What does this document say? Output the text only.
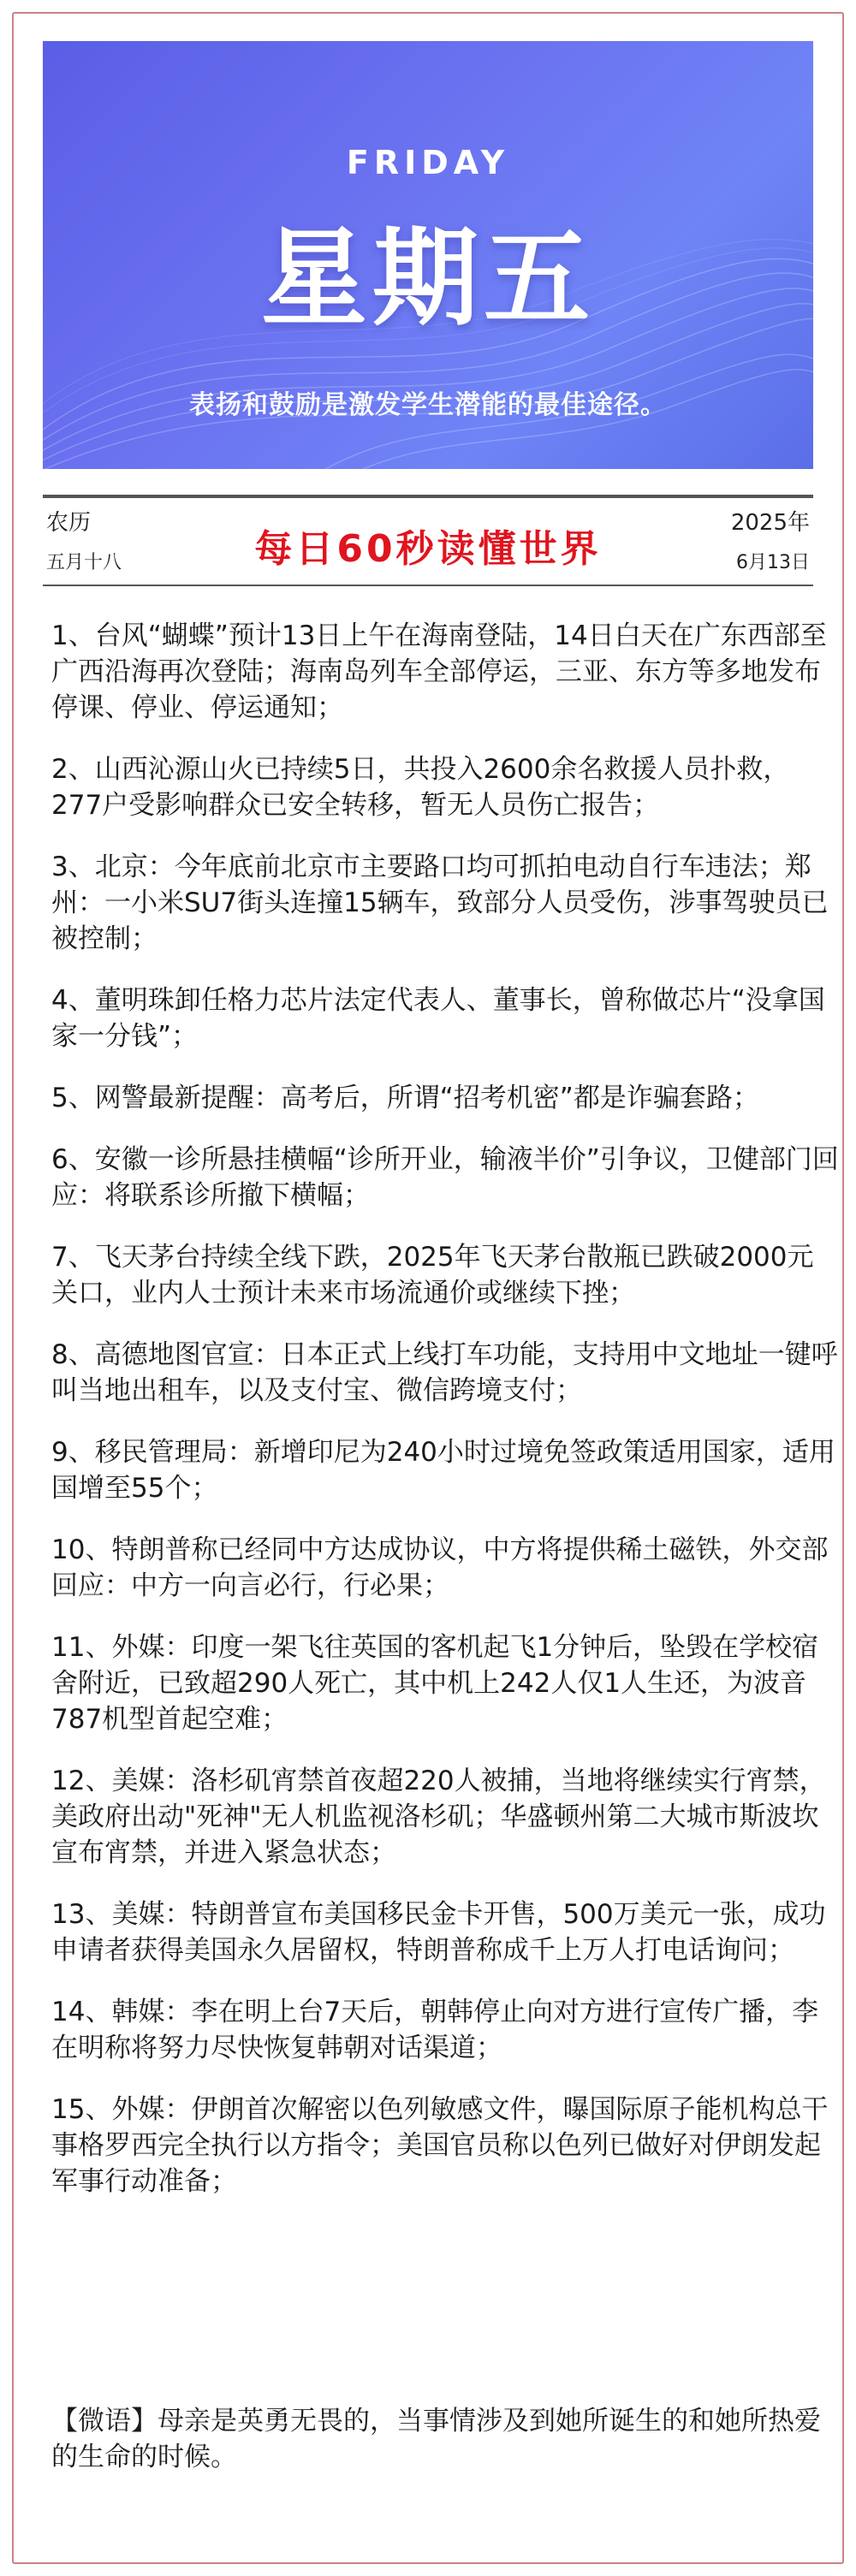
FRIDAY
星期五
表扬和鼓励是激发学生潜能的最佳途径。
农历
五月十八	每日60秒读懂世界
2025年
6月13日

1、台风“蝴蝶”预计13日上午在海南登陆，14日白天在广东西部至广西沿海再次登陆；海南岛列车全部停运，三亚、东方等多地发布停课、停业、停运通知；

2、山西沁源山火已持续5日，共投入2600余名救援人员扑救，277户受影响群众已安全转移，暂无人员伤亡报告；

3、北京：今年底前北京市主要路口均可抓拍电动自行车违法；郑州：一小米SU7街头连撞15辆车，致部分人员受伤，涉事驾驶员已被控制；

4、董明珠卸任格力芯片法定代表人、董事长，曾称做芯片“没拿国家一分钱”；

5、网警最新提醒：高考后，所谓“招考机密”都是诈骗套路；

6、安徽一诊所悬挂横幅“诊所开业，输液半价”引争议，卫健部门回应：将联系诊所撤下横幅；

7、飞天茅台持续全线下跌，2025年飞天茅台散瓶已跌破2000元关口，业内人士预计未来市场流通价或继续下挫；

8、高德地图官宣：日本正式上线打车功能，支持用中文地址一键呼叫当地出租车，以及支付宝、微信跨境支付；

9、移民管理局：新增印尼为240小时过境免签政策适用国家，适用国增至55个；

10、特朗普称已经同中方达成协议，中方将提供稀土磁铁，外交部回应：中方一向言必行，行必果；

11、外媒：印度一架飞往英国的客机起飞1分钟后，坠毁在学校宿舍附近，已致超290人死亡，其中机上242人仅1人生还，为波音787机型首起空难；

12、美媒：洛杉矶宵禁首夜超220人被捕，当地将继续实行宵禁，美政府出动"死神"无人机监视洛杉矶；华盛顿州第二大城市斯波坎宣布宵禁，并进入紧急状态；

13、美媒：特朗普宣布美国移民金卡开售，500万美元一张，成功申请者获得美国永久居留权，特朗普称成千上万人打电话询问；

14、韩媒：李在明上台7天后，朝韩停止向对方进行宣传广播，李在明称将努力尽快恢复韩朝对话渠道；

15、外媒：伊朗首次解密以色列敏感文件，曝国际原子能机构总干事格罗西完全执行以方指令；美国官员称以色列已做好对伊朗发起军事行动准备；

【微语】母亲是英勇无畏的，当事情涉及到她所诞生的和她所热爱的生命的时候。
